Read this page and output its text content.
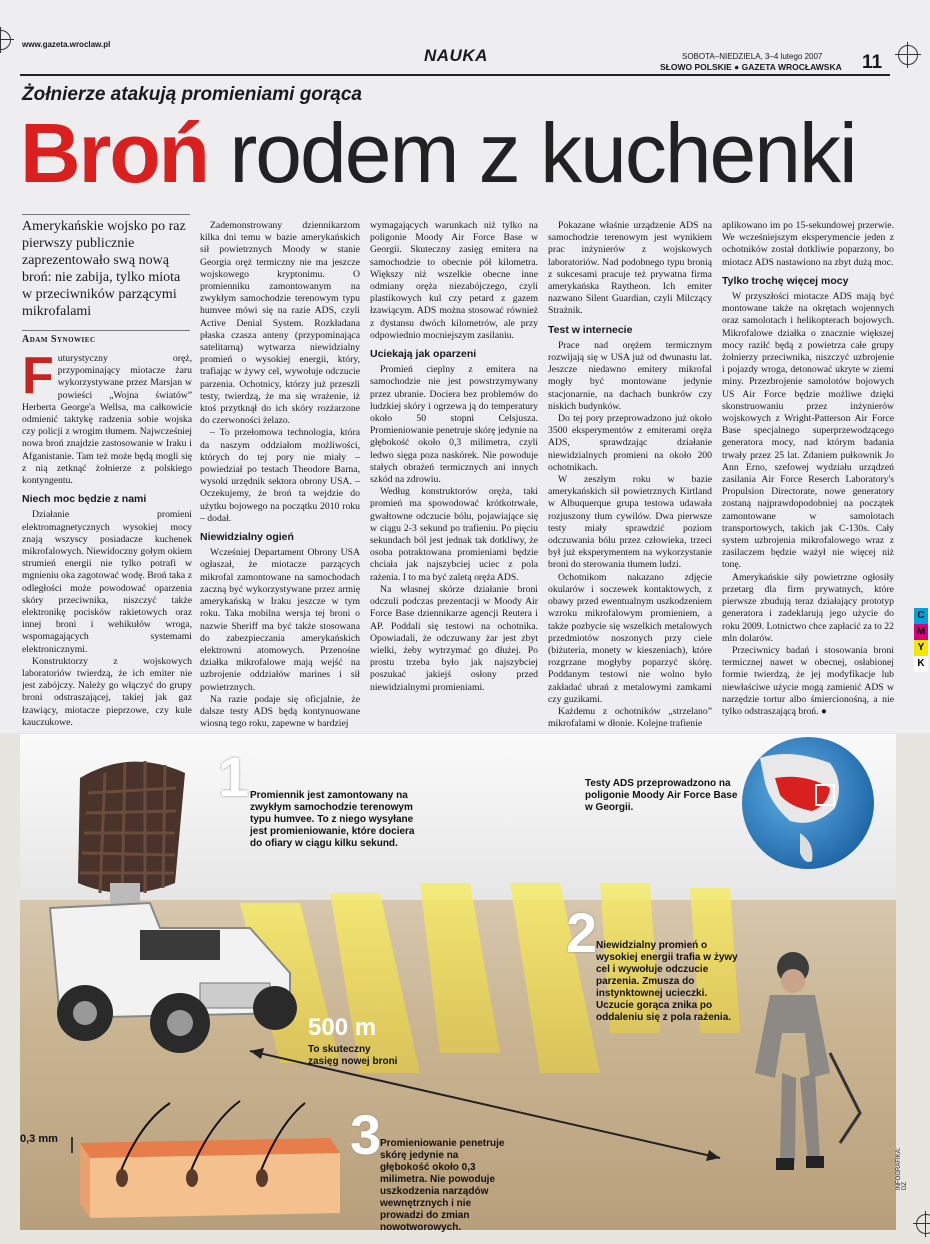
www.gazeta.wroclaw.pl
NAUKA	SOBOTA–NIEDZIELA, 3–4 lutego 2007
SŁOWO POLSKIE ● GAZETA WROCŁAWSKA 11
Żołnierze atakują promieniami gorąca
Broń rodem z kuchenki
Amerykańskie wojsko po raz pierwszy publicznie zaprezentowało swą nową broń: nie zabija, tylko miota w przeciwników parzącymi mikrofalami
Adam Synowiec

Futurystyczny oręż, przypominający miotacze żaru wykorzystywane przez Marsjan w powieści „Wojna światów” Herberta George'a Wellsa, ma całkowicie odmienić taktykę radzenia sobie wojska czy policji z wrogim tłumem. Najwcześniej nowa broń znajdzie zastosowanie w Iraku i Afganistanie. Tam też może będą mogli się z nią zetknąć żołnierze z polskiego kontyngentu.

Niech moc będzie z nami

Działanie promieni elektromagnetycznych wysokiej mocy znają wszyscy posiadacze kuchenek mikrofalowych. Niewidoczny gołym okiem strumień energii nie tylko potrafi w mgnieniu oka zagotować wodę. Broń taka z odległości może powodować oparzenia skóry przeciwnika, niszczyć także elektronikę pocisków rakietowych oraz innej broni i wehikułów wroga, wspomagających systemami elektronicznymi.

Konstruktorzy z wojskowych laboratoriów twierdzą, że ich emiter nie jest zabójczy. Należy go włączyć do grupy broni odstraszającej, takiej jak gaz łzawiący, miotacze pieprzowe, czy kule kauczukowe.

Zademonstrowany dziennikarzom kilka dni temu w bazie amerykańskich sił powietrznych Moody w stanie Georgia oręż termiczny nie ma jeszcze wojskowego kryptonimu. O promienniku zamontowanym na zwykłym samochodzie terenowym typu humvee mówi się na razie ADS, czyli Active Denial System. Rozkładana płaska czasza anteny (przypominająca satelitarną) wytwarza niewidzialny promień o wysokiej energii, który, trafiając w żywy cel, wywołuje odczucie parzenia. Ochotnicy, którzy już przeszli testy, twierdzą, że ma się wrażenie, iż ktoś przytknął do ich skóry rozżarzone do czerwoności żelazo.

– To przełomowa technologia, która da naszym oddziałom możliwości, których do tej pory nie miały – powiedział po testach Theodore Barna, wysoki urzędnik sektora obrony USA. – Oczekujemy, że broń ta wejdzie do użytku bojowego na początku 2010 roku – dodał.

Niewidzialny ogień

Wcześniej Departament Obrony USA ogłaszał, że miotacze parzących mikrofal zamontowane na samochodach zaczną być wykorzystywane przez armię amerykańską w Iraku jeszcze w tym roku. Taka mobilna wersja tej broni o nazwie Sheriff ma być także stosowana do zabezpieczania amerykańskich elektrowni atomowych. Przenośne działka mikrofalowe mają wejść na uzbrojenie oddziałów marines i sił powietrznych.

Na razie podaje się oficjalnie, że dalsze testy ADS będą kontynuowane wiosną tego roku, zapewne w bardziej

wymagających warunkach niż tylko na poligonie Moody Air Force Base w Georgii. Skuteczny zasięg emitera na samochodzie to obecnie pół kilometra. Większy niż wszelkie obecne inne odmiany oręża niezabójczego, czyli plastikowych kul czy petard z gazem łzawiącym. ADS można stosować również z dystansu dwóch kilometrów, ale przy odpowiednio mocniejszym zasilaniu.

Uciekają jak oparzeni

Promień cieplny z emitera na samochodzie nie jest powstrzymywany przez ubranie. Dociera bez problemów do ludzkiej skóry i ogrzewa ją do temperatury około 50 stopni Celsjusza. Promieniowanie penetruje skórę jedynie na głębokość około 0,3 milimetra, czyli ledwo sięga poza naskórek. Nie powoduje stałych obrażeń termicznych ani innych szkód na zdrowiu.

Według konstruktorów oręża, taki promień ma spowodować krótkotrwałe, gwałtowne odczucie bólu, pojawiające się w ciągu 2-3 sekund po trafieniu. Po pięciu sekundach ból jest jednak tak dotkliwy, że osoba potraktowana promieniami będzie chciała jak najszybciej uciec z pola rażenia. I to ma być zaletą oręża ADS.

Na własnej skórze działanie broni odczuli podczas prezentacji w Moody Air Force Base dziennikarze agencji Reutera i AP. Poddali się testowi na ochotnika. Opowiadali, że odczuwany żar jest zbyt wielki, żeby wytrzymać go dłużej. Po prostu trzeba było jak najszybciej poszukać jakiejś osłony przed niewidzialnymi promieniami.

Pokazane właśnie urządzenie ADS na samochodzie terenowym jest wynikiem prac inżynierów z wojskowych laboratoriów. Nad podobnego typu bronią z sukcesami pracuje też prywatna firma amerykańska Raytheon. Ich emiter nazwano Silent Guardian, czyli Milczący Strażnik.

Test w internecie

Prace nad orężem termicznym rozwijają się w USA już od dwunastu lat. Jeszcze niedawno emitery mikrofal mogły być montowane jedynie stacjonarnie, na dachach bunkrów czy niskich budynków.

Do tej pory przeprowadzono już około 3500 eksperymentów z emiterami oręża ADS, sprawdzając działanie niewidzialnych promieni na około 200 ochotnikach.

W zeszłym roku w bazie amerykańskich sił powietrznych Kirtland w Albuquerque grupa testowa udawała rozjuszony tłum cywilów. Dwa pierwsze testy miały sprawdzić poziom odczuwania bólu przez człowieka, trzeci był już eksperymentem na wykorzystanie broni do sterowania tłumem ludzi.

Ochotnikom nakazano zdjęcie okularów i soczewek kontaktowych, z obawy przed ewentualnym uszkodzeniem wzroku mikrofalowym promieniem, a także pozbycie się wszelkich metalowych przedmiotów noszonych przy ciele (biżuteria, monety w kieszeniach), które rozgrzane mogłyby poparzyć skórę. Poddanym testowi nie wolno było zakładać ubrań z metalowymi zamkami czy guzikami.

Każdemu z ochotników „strzelano” mikrofalami w dłonie. Kolejne trafienie

aplikowano im po 15-sekundowej przerwie. We wcześniejszym eksperymencie jeden z ochotników został dotkliwie poparzony, bo miotacz ADS nastawiono na zbyt dużą moc.

Tylko trochę więcej mocy

W przyszłości miotacze ADS mają być montowane także na okrętach wojennych oraz samolotach i helikopterach bojowych. Mikrofalowe działka o znacznie większej mocy raziłć będą z powietrza całe grupy żołnierzy przeciwnika, niszczyć uzbrojenie i pojazdy wroga, detonować ukryte w ziemi miny. Przezbrojenie samolotów bojowych US Air Force będzie możliwe dzięki skonstruowaniu przez inżynierów wojskowych z Wright-Patterson Air Force Base specjalnego superprzewodzącego generatora mocy, nad którym badania trwały przez 25 lat. Zdaniem pułkownik Jo Ann Erno, szefowej wydziału urządzeń zasilania Air Force Reserch Laboratory's Propulsion Directorate, nowe generatory zostaną najprawdopodobniej na początek zamontowane w samolotach transportowych, takich jak C-130s. Cały system uzbrojenia mikrofalowego wraz z zasilaczem będzie ważył nie więcej niż tonę.

Amerykańskie siły powietrzne ogłosiły przetarg dla firm prywatnych, które pierwsze zbudują teraz działający prototyp generatora i zadeklarują jego użycie do roku 2009. Lotnictwo chce zapłacić za to 22 mln dolarów.

Przeciwnicy badań i stosowania broni termicznej nawet w obecnej, osłabionej formie twierdzą, że jej modyfikacje lub niewłaściwe użycie mogą zamienić ADS w narzędzie tortur albo śmiercionośną, a nie tylko odstraszającą broń. ●

C
M
Y
K
1 Promiennik jest zamontowany na zwykłym samochodzie terenowym typu humvee. To z niego wysyłane jest promieniowanie, które dociera do ofiary w ciągu kilku sekund.
Testy ADS przeprowadzono na poligonie Moody Air Force Base w Georgii.
2
Niewidzialny promień o wysokiej energii trafia w żywy cel i wywołuje odczucie parzenia. Zmusza do instynktownej ucieczki. Uczucie gorąca znika po oddaleniu się z pola rażenia.
500 m
To skuteczny zasięg nowej broni
0,3 mm	3
Promieniowanie penetruje skórę jedynie na głębokość około 0,3 milimetra. Nie powoduje uszkodzenia narządów wewnętrznych i nie prowadzi do zmian nowotworowych.
INFOGRAFIKA: DZ
